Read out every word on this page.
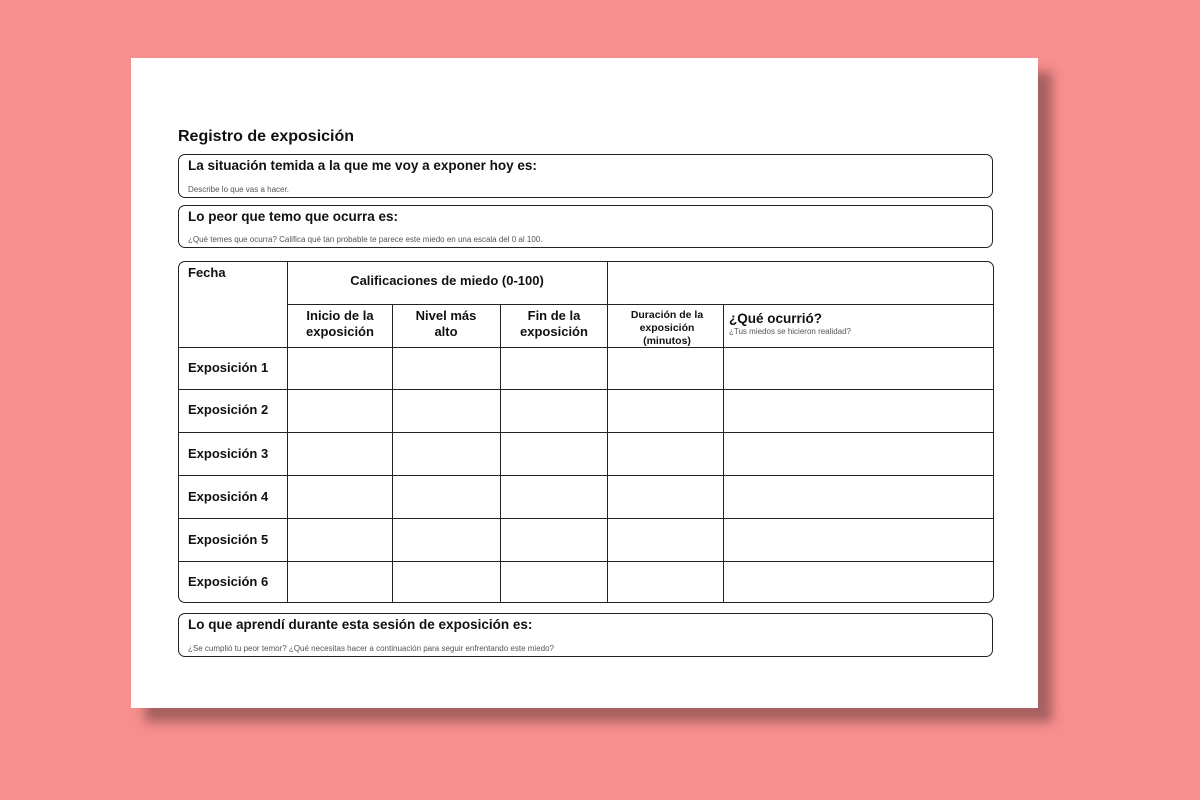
Registro de exposición
La situación temida a la que me voy a exponer hoy es:
Describe lo que vas a hacer.
Lo peor que temo que ocurra es:
¿Qué temes que ocurra? Califica qué tan probable te parece este miedo en una escala del 0 al 100.
Fecha
Calificaciones de miedo (0-100)
Inicio de la exposición
Nivel más alto
Fin de la exposición
Duración de la exposición (minutos)
¿Qué ocurrió?
¿Tus miedos se hicieron realidad?
Exposición 1
Exposición 2
Exposición 3
Exposición 4
Exposición 5
Exposición 6
Lo que aprendí durante esta sesión de exposición es:
¿Se cumplió tu peor temor? ¿Qué necesitas hacer a continuación para seguir enfrentando este miedo?
